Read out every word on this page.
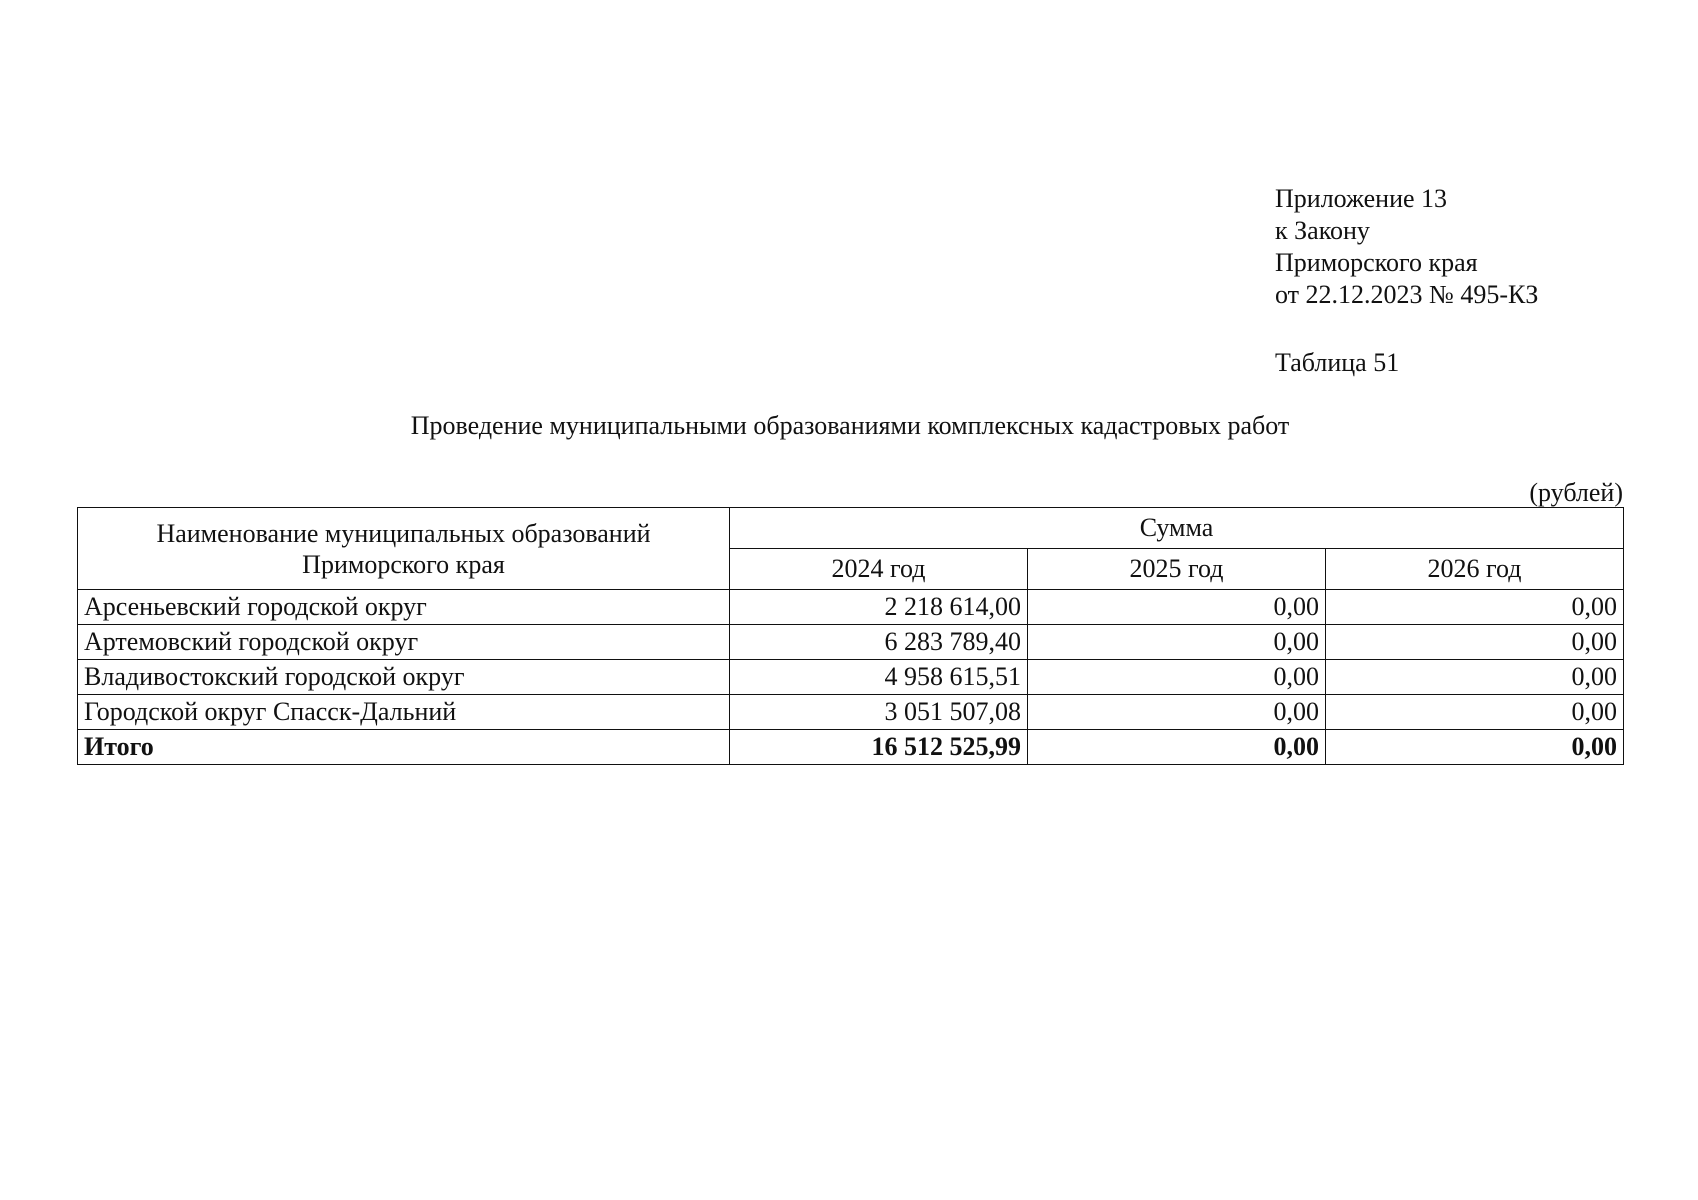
Приложение 13
к Закону
Приморского края
от 22.12.2023 № 495-КЗ
Таблица 51
Проведение муниципальными образованиями комплексных кадастровых работ
(рублей)
Наименование муниципальных образований
Приморского края	Сумма		
	2024 год	2025 год	2026 год
Арсеньевский городской округ	2 218 614,00	0,00	0,00
Артемовский городской округ	6 283 789,40	0,00	0,00
Владивостокский городской округ	4 958 615,51	0,00	0,00
Городской округ Спасск-Дальний	3 051 507,08	0,00	0,00
Итого	16 512 525,99	0,00	0,00
